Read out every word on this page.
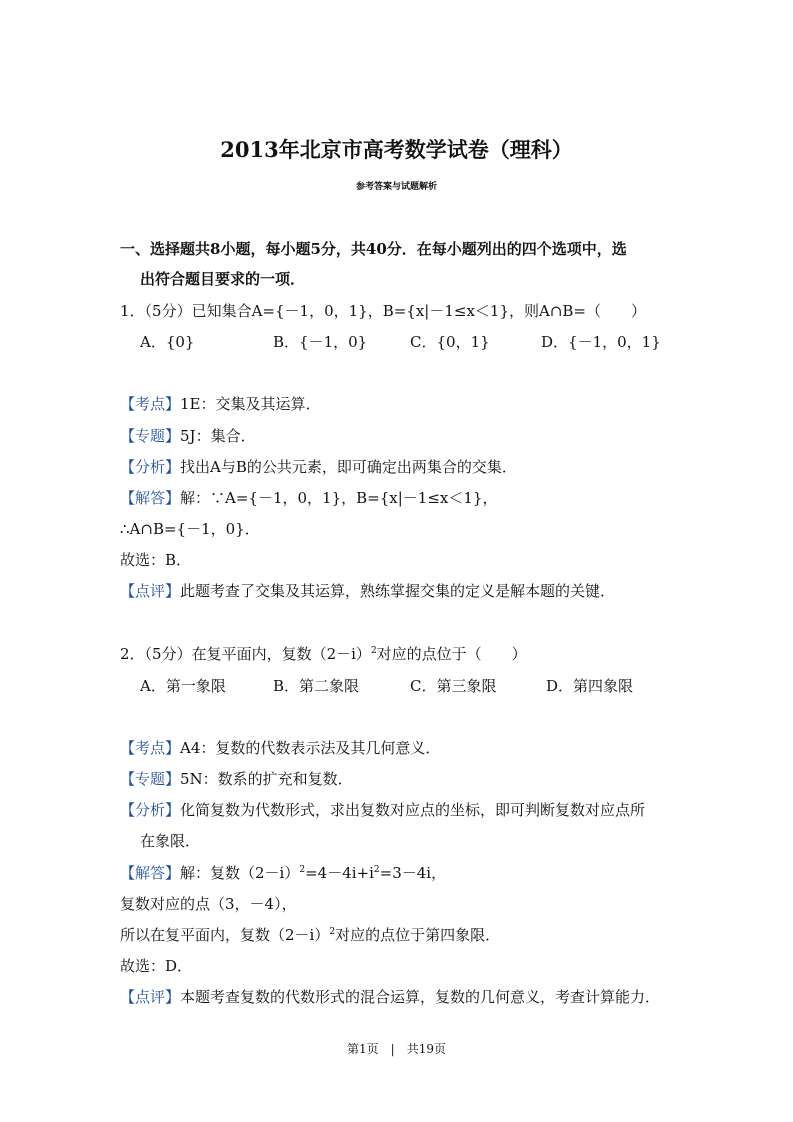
2013年北京市高考数学试卷（理科）
参考答案与试题解析
一、选择题共8小题，每小题5分，共40分．在每小题列出的四个选项中，选
出符合题目要求的一项．
1．（5分）已知集合A={－1，0，1}，B={x|－1≤x＜1}，则A∩B=（　　）
A．{0}	B．{－1，0}	C．{0，1}	D．{－1，0，1}
【考点】1E：交集及其运算．
【专题】5J：集合．
【分析】找出A与B的公共元素，即可确定出两集合的交集．
【解答】解：∵A={－1，0，1}，B={x|－1≤x＜1}，
∴A∩B={－1，0}．
故选：B．
【点评】此题考查了交集及其运算，熟练掌握交集的定义是解本题的关键．
2．（5分）在复平面内，复数$(2-i)^2$对应的点位于（　　）
A．第一象限	B．第二象限	C．第三象限	D．第四象限
【考点】A4：复数的代数表示法及其几何意义．
【专题】5N：数系的扩充和复数．
【分析】化简复数为代数形式，求出复数对应点的坐标，即可判断复数对应点所
在象限．
【解答】解：复数$(2-i)^2=4-4i+i^2=3-4i$，
复数对应的点（3，－4），
所以在复平面内，复数$(2-i)^2$对应的点位于第四象限．
故选：D．
【点评】本题考查复数的代数形式的混合运算，复数的几何意义，考查计算能力．
第1页　|　共19页
